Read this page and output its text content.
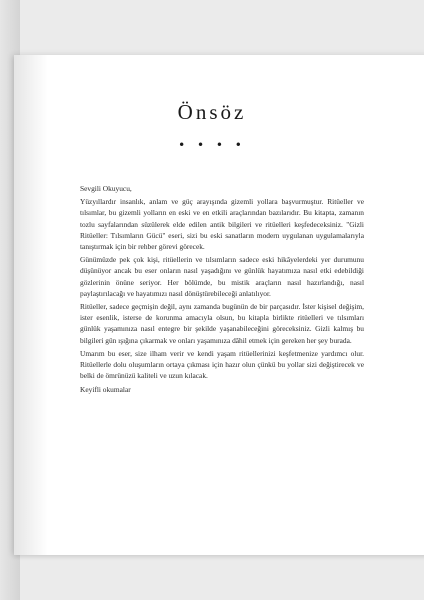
Önsöz
• • • •

Sevgili Okuyucu,

Yüzyıllardır insanlık, anlam ve güç arayışında gizemli yollara başvurmuştur. Ritüeller ve tılsımlar, bu gizemli yolların en eski ve en etkili araçlarından bazılarıdır. Bu kitapta, zamanın tozlu sayfalarından süzülerek elde edilen antik bilgileri ve ritüelleri keşfedeceksiniz. "Gizli Ritüeller: Tılsımların Gücü" eseri, sizi bu eski sanatların modern uygulanan uygulamalarıyla tanıştırmak için bir rehber görevi görecek.

Günümüzde pek çok kişi, ritüellerin ve tılsımların sadece eski hikâyelerdeki yer durumunu düşünüyor ancak bu eser onların nasıl yaşadığını ve günlük hayatımıza nasıl etki edebildiği gözlerinin önüne seriyor. Her bölümde, bu mistik araçların nasıl hazırlandığı, nasıl paylaştırılacağı ve hayatımızı nasıl dönüştürebileceği anlatılıyor.

Ritüeller, sadece geçmişin değil, aynı zamanda bugünün de bir parçasıdır. İster kişisel değişim, ister esenlik, isterse de korunma amacıyla olsun, bu kitapla birlikte ritüelleri ve tılsımları günlük yaşamınıza nasıl entegre bir şekilde yaşanabileceğini göreceksiniz. Gizli kalmış bu bilgileri gün ışığına çıkarmak ve onları yaşamınıza dâhil etmek için gereken her şey burada.

Umarım bu eser, size ilham verir ve kendi yaşam ritüellerinizi keşfetmenize yardımcı olur. Ritüellerle dolu oluşumların ortaya çıkması için hazır olun çünkü bu yollar sizi değiştirecek ve belki de ömrünüzü kaliteli ve uzun kılacak.

Keyifli okumalar
